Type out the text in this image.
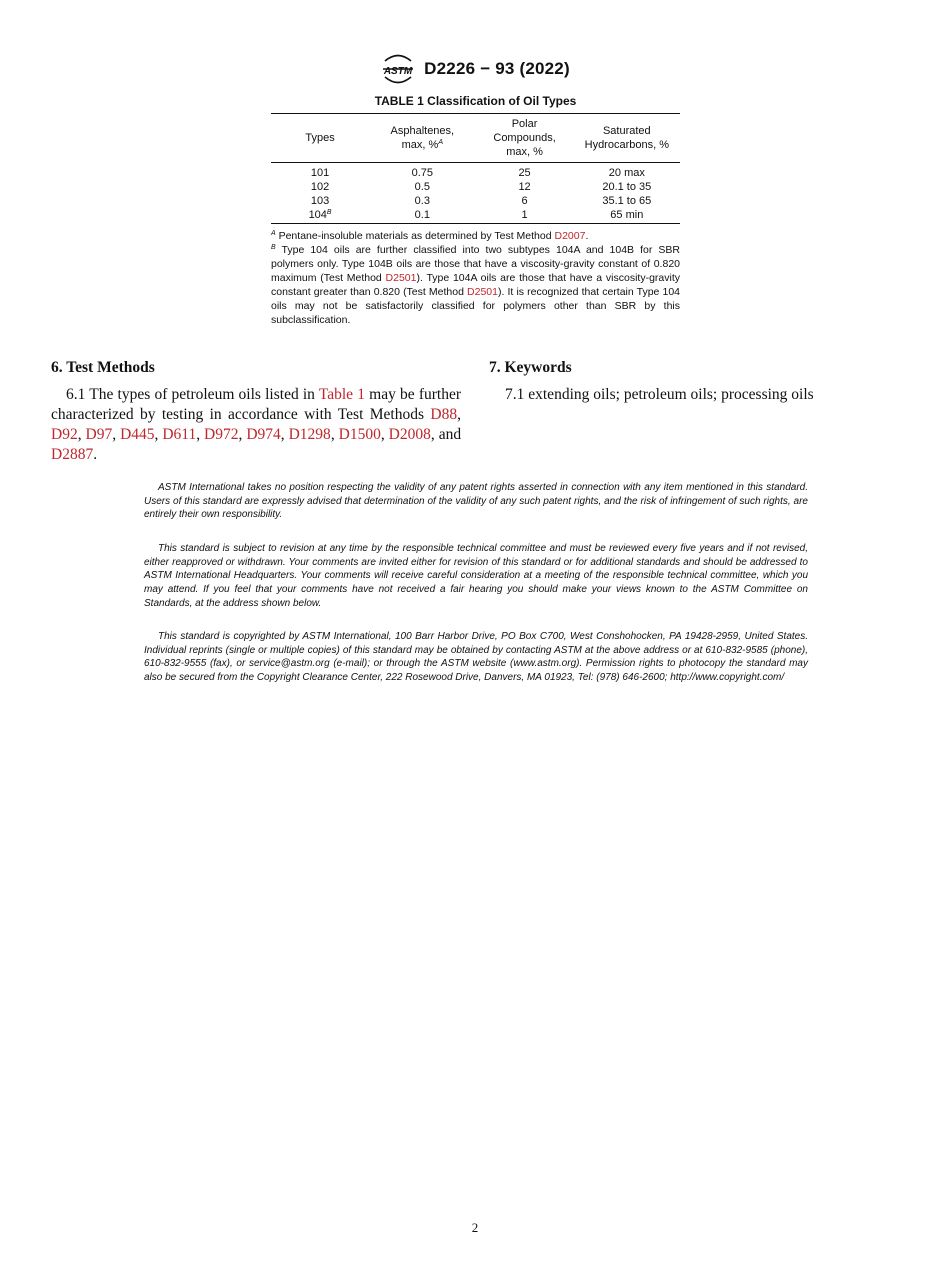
ASTM D2226 − 93 (2022)
TABLE 1 Classification of Oil Types
Types	Asphaltenes, max, %$^A$	Polar Compounds, max, %	Saturated Hydrocarbons, %

101	0.75	25	20 max
102	0.5	12	20.1 to 35
103	0.3	6	35.1 to 65
$104^B$	0.1	1	65 min

$^A$ Pentane-insoluble materials as determined by Test Method D2007.

$^B$ Type 104 oils are further classified into two subtypes 104A and 104B for SBR polymers only. Type 104B oils are those that have a viscosity-gravity constant of 0.820 maximum (Test Method D2501). Type 104A oils are those that have a viscosity-gravity constant greater than 0.820 (Test Method D2501). It is recognized that certain Type 104 oils may not be satisfactorily classified for polymers other than SBR by this subclassification.

6. Test Methods

6.1 The types of petroleum oils listed in Table 1 may be further characterized by testing in accordance with Test Methods D88, D92, D97, D445, D611, D972, D974, D1298, D1500, D2008, and D2887.

7. Keywords

7.1 extending oils; petroleum oils; processing oils

ASTM International takes no position respecting the validity of any patent rights asserted in connection with any item mentioned in this standard. Users of this standard are expressly advised that determination of the validity of any such patent rights, and the risk of infringement of such rights, are entirely their own responsibility.

This standard is subject to revision at any time by the responsible technical committee and must be reviewed every five years and if not revised, either reapproved or withdrawn. Your comments are invited either for revision of this standard or for additional standards and should be addressed to ASTM International Headquarters. Your comments will receive careful consideration at a meeting of the responsible technical committee, which you may attend. If you feel that your comments have not received a fair hearing you should make your views known to the ASTM Committee on Standards, at the address shown below.

This standard is copyrighted by ASTM International, 100 Barr Harbor Drive, PO Box C700, West Conshohocken, PA 19428-2959, United States. Individual reprints (single or multiple copies) of this standard may be obtained by contacting ASTM at the above address or at 610-832-9585 (phone), 610-832-9555 (fax), or service@astm.org (e-mail); or through the ASTM website (www.astm.org). Permission rights to photocopy the standard may also be secured from the Copyright Clearance Center, 222 Rosewood Drive, Danvers, MA 01923, Tel: (978) 646-2600; http://www.copyright.com/

2
